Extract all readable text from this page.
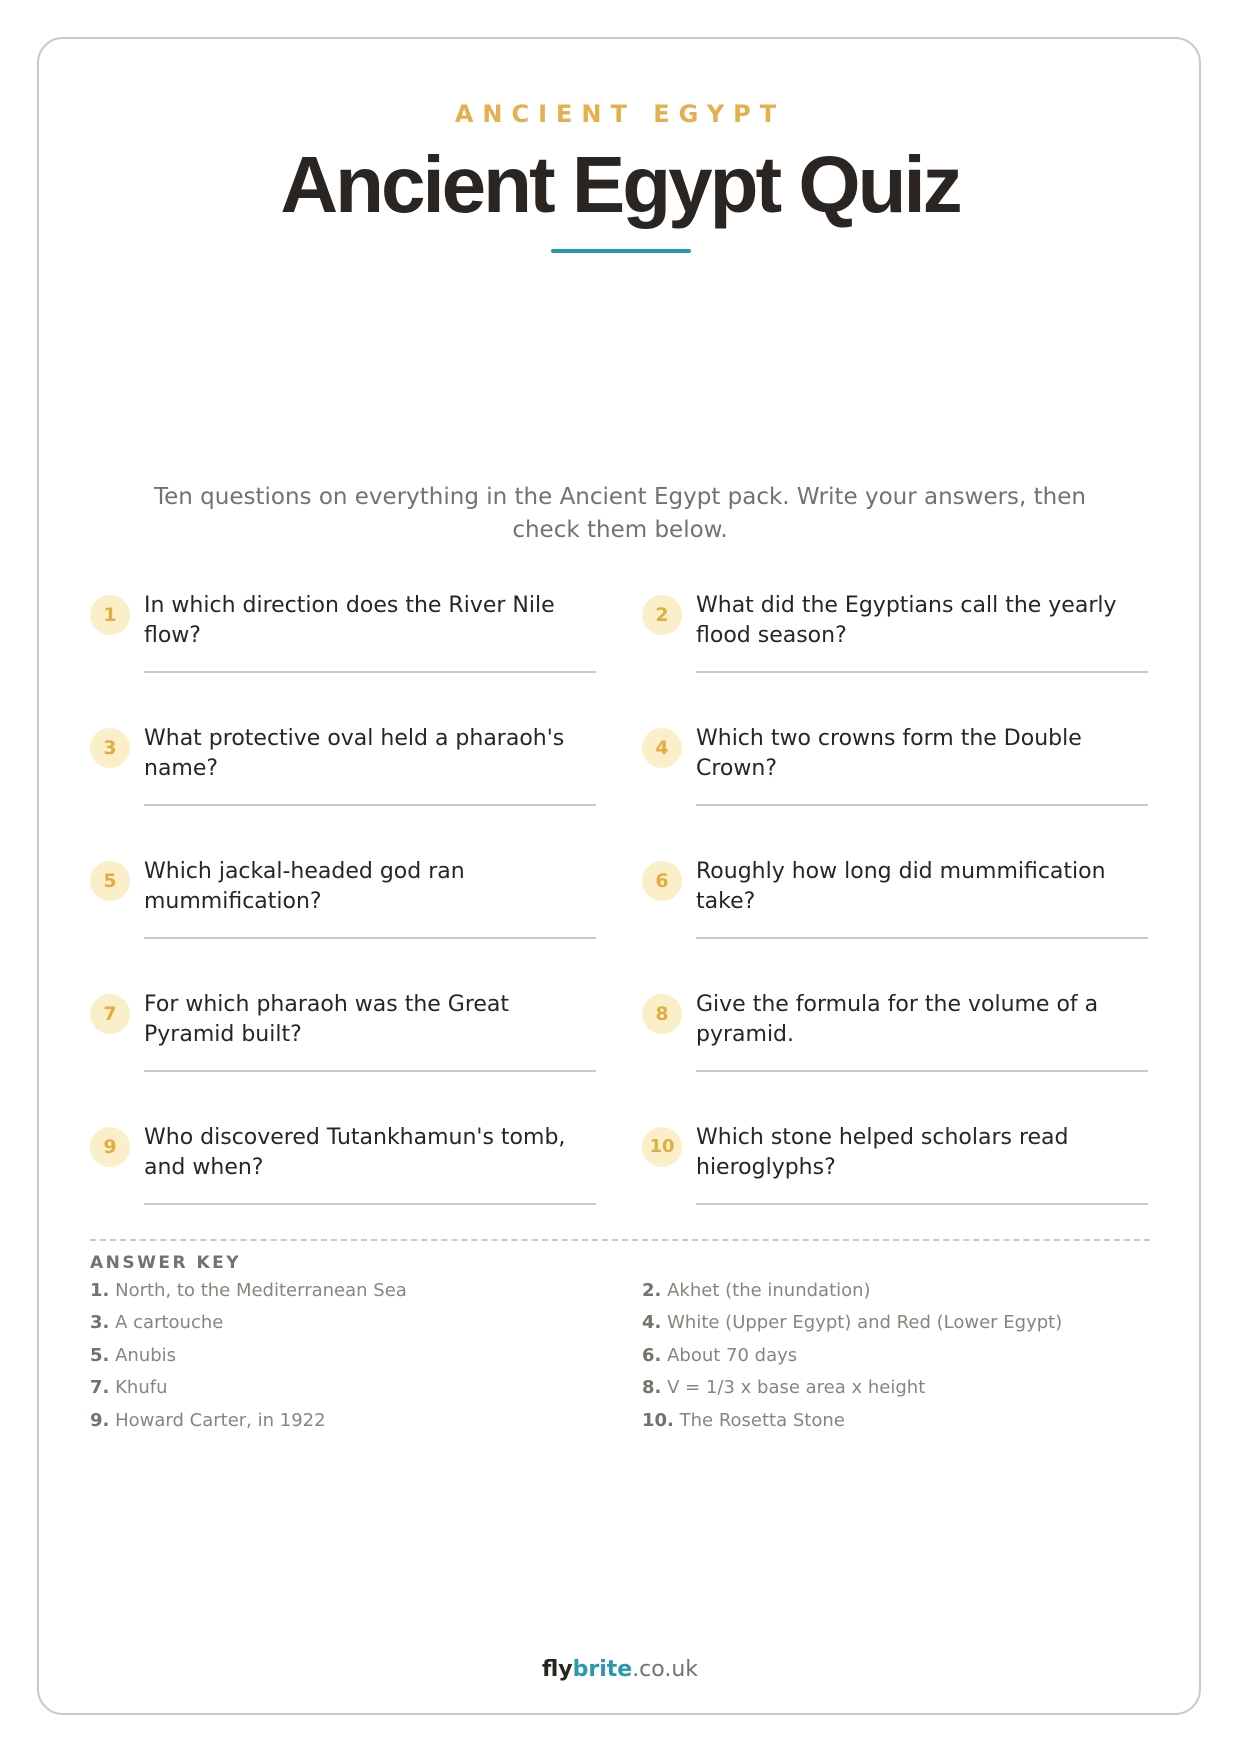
ANCIENT EGYPT
Ancient Egypt Quiz
Ten questions on everything in the Ancient Egypt pack. Write your answers, then check them below.
1	In which direction does the River Nile flow?
2	What did the Egyptians call the yearly flood season?
3	What protective oval held a pharaoh's name?
4	Which two crowns form the Double Crown?
5	Which jackal-headed god ran mummification?
6	Roughly how long did mummification take?
7	For which pharaoh was the Great Pyramid built?
8	Give the formula for the volume of a pyramid.
9	Who discovered Tutankhamun's tomb, and when?
10 Which stone helped scholars read hieroglyphs?
ANSWER KEY
1. North, to the Mediterranean Sea	2. Akhet (the inundation)
3. A cartouche	4. White (Upper Egypt) and Red (Lower Egypt)
5. Anubis	6. About 70 days
7. Khufu	8. V = 1/3 x base area x height
9. Howard Carter, in 1922	10. The Rosetta Stone
flybrite.co.uk
